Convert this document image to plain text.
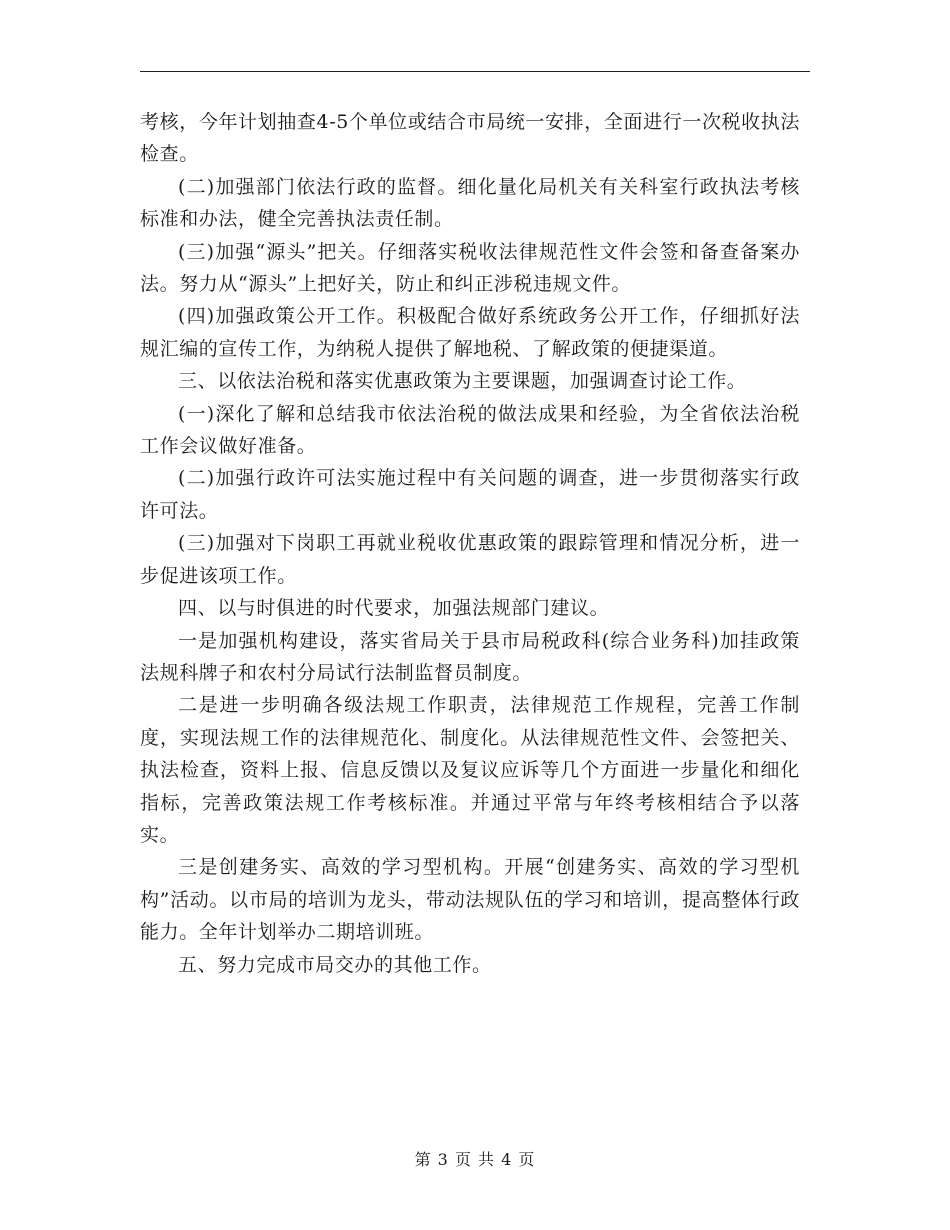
考核，今年计划抽查4-5个单位或结合市局统一安排，全面进行一次税收执法检查。

(二)加强部门依法行政的监督。细化量化局机关有关科室行政执法考核标准和办法，健全完善执法责任制。

(三)加强“源头”把关。仔细落实税收法律规范性文件会签和备查备案办法。努力从“源头”上把好关，防止和纠正涉税违规文件。

(四)加强政策公开工作。积极配合做好系统政务公开工作，仔细抓好法规汇编的宣传工作，为纳税人提供了解地税、了解政策的便捷渠道。

三、以依法治税和落实优惠政策为主要课题，加强调查讨论工作。

(一)深化了解和总结我市依法治税的做法成果和经验，为全省依法治税工作会议做好准备。

(二)加强行政许可法实施过程中有关问题的调查，进一步贯彻落实行政许可法。

(三)加强对下岗职工再就业税收优惠政策的跟踪管理和情况分析，进一步促进该项工作。

四、以与时俱进的时代要求，加强法规部门建议。

一是加强机构建设，落实省局关于县市局税政科(综合业务科)加挂政策法规科牌子和农村分局试行法制监督员制度。

二是进一步明确各级法规工作职责，法律规范工作规程，完善工作制度，实现法规工作的法律规范化、制度化。从法律规范性文件、会签把关、执法检查，资料上报、信息反馈以及复议应诉等几个方面进一步量化和细化指标，完善政策法规工作考核标准。并通过平常与年终考核相结合予以落实。

三是创建务实、高效的学习型机构。开展“创建务实、高效的学习型机构”活动。以市局的培训为龙头，带动法规队伍的学习和培训，提高整体行政能力。全年计划举办二期培训班。

五、努力完成市局交办的其他工作。

第 3 页 共 4 页
